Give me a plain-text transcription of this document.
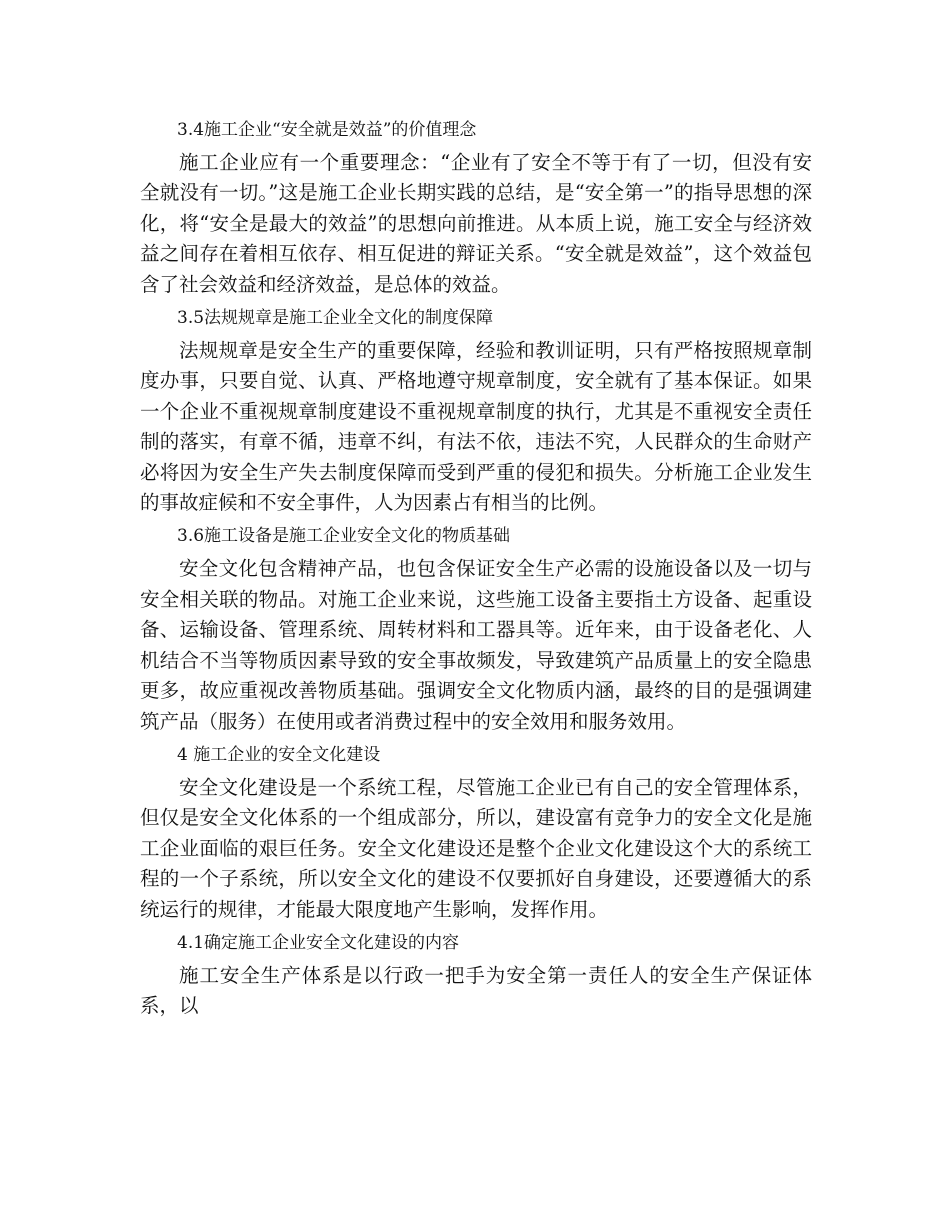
3.4施工企业“安全就是效益”的价值理念

施工企业应有一个重要理念：“企业有了安全不等于有了一切，但没有安全就没有一切。”这是施工企业长期实践的总结，是“安全第一”的指导思想的深化，将“安全是最大的效益”的思想向前推进。从本质上说，施工安全与经济效益之间存在着相互依存、相互促进的辩证关系。“安全就是效益”，这个效益包含了社会效益和经济效益，是总体的效益。

3.5法规规章是施工企业全文化的制度保障

法规规章是安全生产的重要保障，经验和教训证明，只有严格按照规章制度办事，只要自觉、认真、严格地遵守规章制度，安全就有了基本保证。如果一个企业不重视规章制度建设不重视规章制度的执行，尤其是不重视安全责任制的落实，有章不循，违章不纠，有法不依，违法不究，人民群众的生命财产必将因为安全生产失去制度保障而受到严重的侵犯和损失。分析施工企业发生的事故症候和不安全事件，人为因素占有相当的比例。

3.6施工设备是施工企业安全文化的物质基础

安全文化包含精神产品，也包含保证安全生产必需的设施设备以及一切与安全相关联的物品。对施工企业来说，这些施工设备主要指土方设备、起重设备、运输设备、管理系统、周转材料和工器具等。近年来，由于设备老化、人机结合不当等物质因素导致的安全事故频发，导致建筑产品质量上的安全隐患更多，故应重视改善物质基础。强调安全文化物质内涵，最终的目的是强调建筑产品（服务）在使用或者消费过程中的安全效用和服务效用。

4 施工企业的安全文化建设

安全文化建设是一个系统工程，尽管施工企业已有自己的安全管理体系，但仅是安全文化体系的一个组成部分，所以，建设富有竞争力的安全文化是施工企业面临的艰巨任务。安全文化建设还是整个企业文化建设这个大的系统工程的一个子系统，所以安全文化的建设不仅要抓好自身建设，还要遵循大的系统运行的规律，才能最大限度地产生影响，发挥作用。

4.1确定施工企业安全文化建设的内容

施工安全生产体系是以行政一把手为安全第一责任人的安全生产保证体系，以
